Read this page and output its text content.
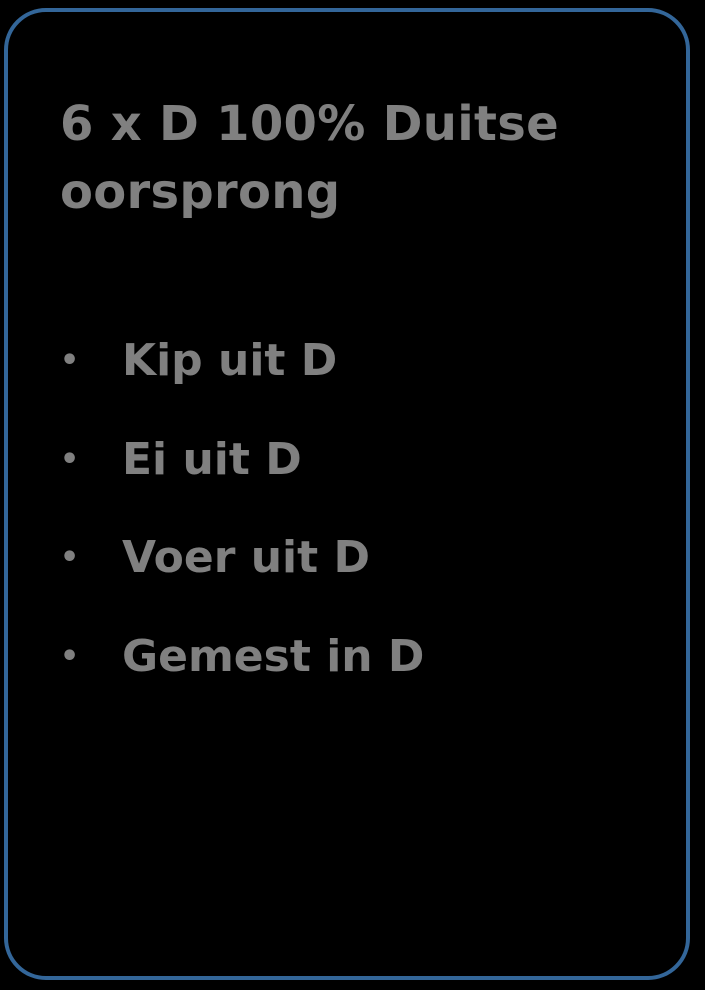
6 x D 100% Duitse oorsprong
• Kip uit D
• Ei uit D
• Voer uit D
• Gemest in D
